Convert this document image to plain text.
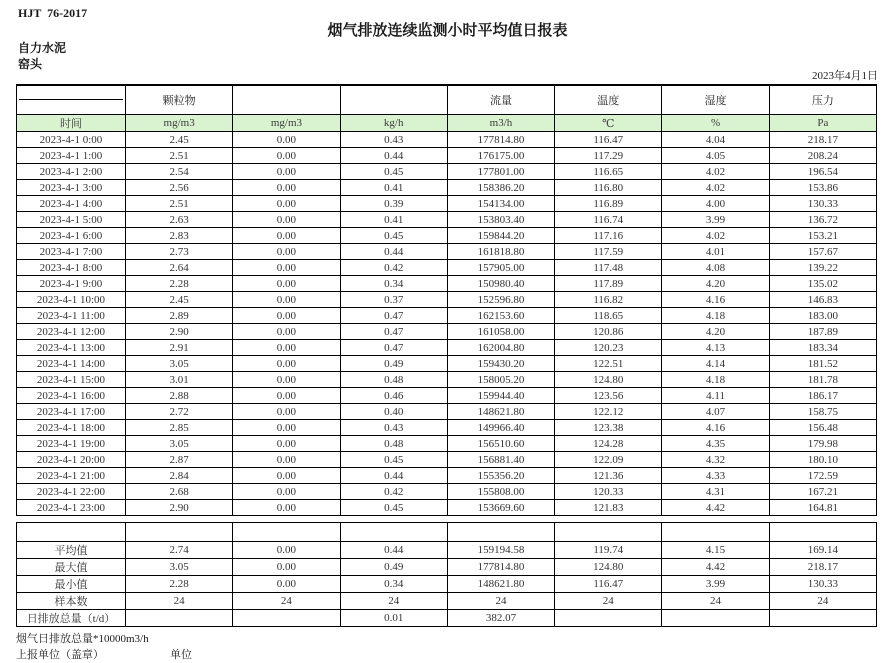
HJT  76-2017
烟气排放连续监测小时平均值日报表
自力水泥
窑头
2023年4月1日
	颗粒物			流量	温度	湿度	压力
时间	mg/m3	mg/m3	kg/h	m3/h	℃	%	Pa
2023-4-1 0:00	2.45	0.00	0.43	177814.80	116.47	4.04	218.17
2023-4-1 1:00	2.51	0.00	0.44	176175.00	117.29	4.05	208.24
2023-4-1 2:00	2.54	0.00	0.45	177801.00	116.65	4.02	196.54
2023-4-1 3:00	2.56	0.00	0.41	158386.20	116.80	4.02	153.86
2023-4-1 4:00	2.51	0.00	0.39	154134.00	116.89	4.00	130.33
2023-4-1 5:00	2.63	0.00	0.41	153803.40	116.74	3.99	136.72
2023-4-1 6:00	2.83	0.00	0.45	159844.20	117.16	4.02	153.21
2023-4-1 7:00	2.73	0.00	0.44	161818.80	117.59	4.01	157.67
2023-4-1 8:00	2.64	0.00	0.42	157905.00	117.48	4.08	139.22
2023-4-1 9:00	2.28	0.00	0.34	150980.40	117.89	4.20	135.02
2023-4-1 10:00	2.45	0.00	0.37	152596.80	116.82	4.16	146.83
2023-4-1 11:00	2.89	0.00	0.47	162153.60	118.65	4.18	183.00
2023-4-1 12:00	2.90	0.00	0.47	161058.00	120.86	4.20	187.89
2023-4-1 13:00	2.91	0.00	0.47	162004.80	120.23	4.13	183.34
2023-4-1 14:00	3.05	0.00	0.49	159430.20	122.51	4.14	181.52
2023-4-1 15:00	3.01	0.00	0.48	158005.20	124.80	4.18	181.78
2023-4-1 16:00	2.88	0.00	0.46	159944.40	123.56	4.11	186.17
2023-4-1 17:00	2.72	0.00	0.40	148621.80	122.12	4.07	158.75
2023-4-1 18:00	2.85	0.00	0.43	149966.40	123.38	4.16	156.48
2023-4-1 19:00	3.05	0.00	0.48	156510.60	124.28	4.35	179.98
2023-4-1 20:00	2.87	0.00	0.45	156881.40	122.09	4.32	180.10
2023-4-1 21:00	2.84	0.00	0.44	155356.20	121.36	4.33	172.59
2023-4-1 22:00	2.68	0.00	0.42	155808.00	120.33	4.31	167.21
2023-4-1 23:00	2.90	0.00	0.45	153669.60	121.83	4.42	164.81

平均值	2.74	0.00	0.44	159194.58	119.74	4.15	169.14
最大值	3.05	0.00	0.49	177814.80	124.80	4.42	218.17
最小值	2.28	0.00	0.34	148621.80	116.47	3.99	130.33
样本数	24	24	24	24	24	24	24
日排放总量（t/d）			0.01	382.07			
烟气日排放总量*10000m3/h
上报单位（盖章）	单位
